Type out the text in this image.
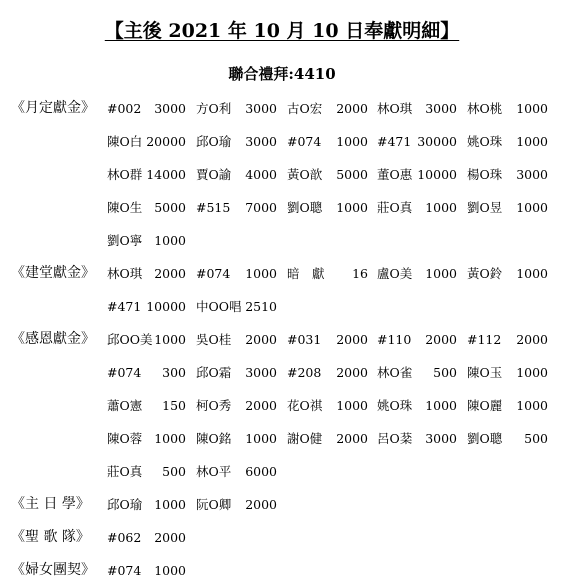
【主後 2021 年 10 月 10 日奉獻明細】
聯合禮拜:4410
《月定獻金》 #002 3000 方O利 3000 古O宏 2000 林O琪 3000 林O桃 1000
陳O白 20000 邱O瑜 3000 #074 1000 #471 30000 姚O珠 1000
林O群 14000 賈O諭 4000 黃O歆 5000 董O惠 10000 楊O珠 3000
陳O生 5000 #515 7000 劉O聰 1000 莊O真 1000 劉O昱 1000
劉O寧 1000
《建堂獻金》 林O琪 2000 #074 1000 暗　獻 16 盧O美 1000 黃O鈴 1000
#471 10000 中OO唱 2510
《感恩獻金》 邱OO美 1000 吳O桂 2000 #031 2000 #110 2000 #112 2000
#074 300 邱O霜 3000 #208 2000 林O雀 500 陳O玉 1000
蕭O憲 150 柯O秀 2000 花O祺 1000 姚O珠 1000 陳O麗 1000
陳O蓉 1000 陳O銘 1000 謝O健 2000 呂O棻 3000 劉O聰 500
莊O真 500 林O平 6000
《主 日 學》	邱O瑜 1000 阮O卿 2000
《聖 歌 隊》	#062 2000
《婦女團契》 #074 1000
